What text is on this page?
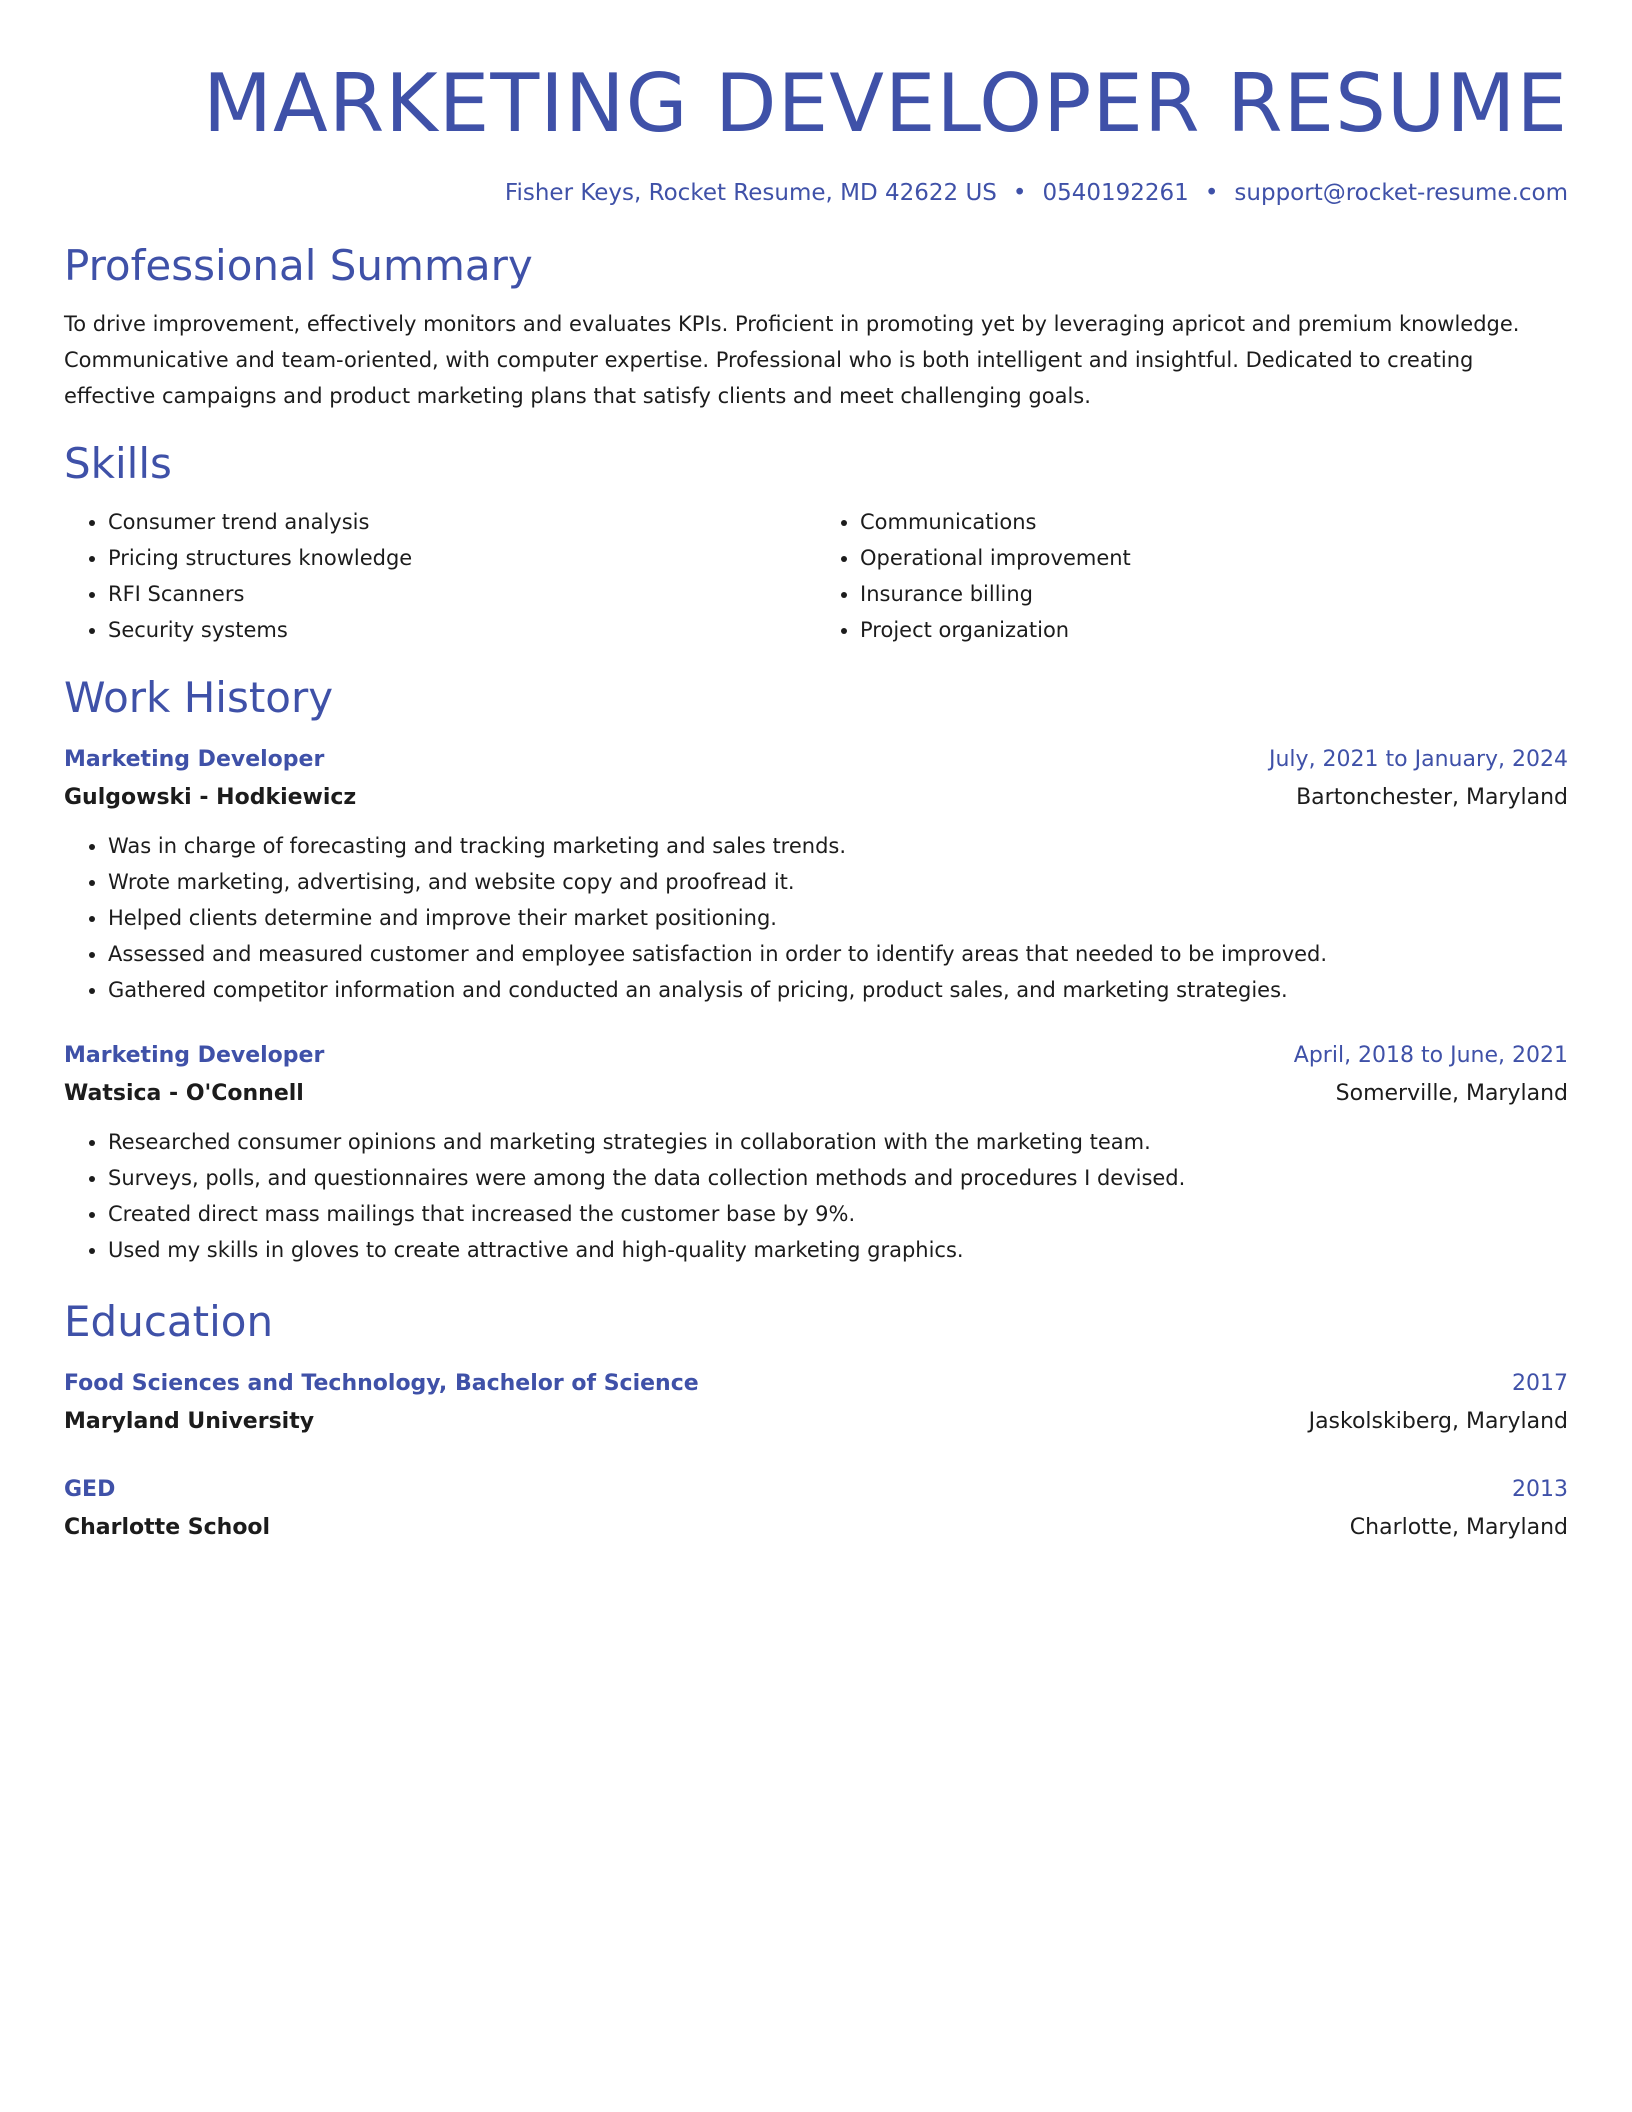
MARKETING DEVELOPER RESUME
Fisher Keys, Rocket Resume, MD 42622 US • 0540192261 • support@rocket-resume.com
Professional Summary

To drive improvement, effectively monitors and evaluates KPIs. Proficient in promoting yet by leveraging apricot and premium knowledge. Communicative and team-oriented, with computer expertise. Professional who is both intelligent and insightful. Dedicated to creating effective campaigns and product marketing plans that satisfy clients and meet challenging goals.

Skills
• Consumer trend analysis
• Pricing structures knowledge
• RFI Scanners
• Security systems
• Communications
• Operational improvement
• Insurance billing
• Project organization
Work History
Marketing Developer	July, 2021 to January, 2024
Gulgowski - Hodkiewicz	Bartonchester, Maryland
• Was in charge of forecasting and tracking marketing and sales trends.
• Wrote marketing, advertising, and website copy and proofread it.
• Helped clients determine and improve their market positioning.
• Assessed and measured customer and employee satisfaction in order to identify areas that needed to be improved.
• Gathered competitor information and conducted an analysis of pricing, product sales, and marketing strategies.
Marketing Developer	April, 2018 to June, 2021
Watsica - O'Connell	Somerville, Maryland
• Researched consumer opinions and marketing strategies in collaboration with the marketing team.
• Surveys, polls, and questionnaires were among the data collection methods and procedures I devised.
• Created direct mass mailings that increased the customer base by 9%.
• Used my skills in gloves to create attractive and high-quality marketing graphics.
Education
Food Sciences and Technology, Bachelor of Science	2017
Maryland University	Jaskolskiberg, Maryland
GED	2013
Charlotte School	Charlotte, Maryland
